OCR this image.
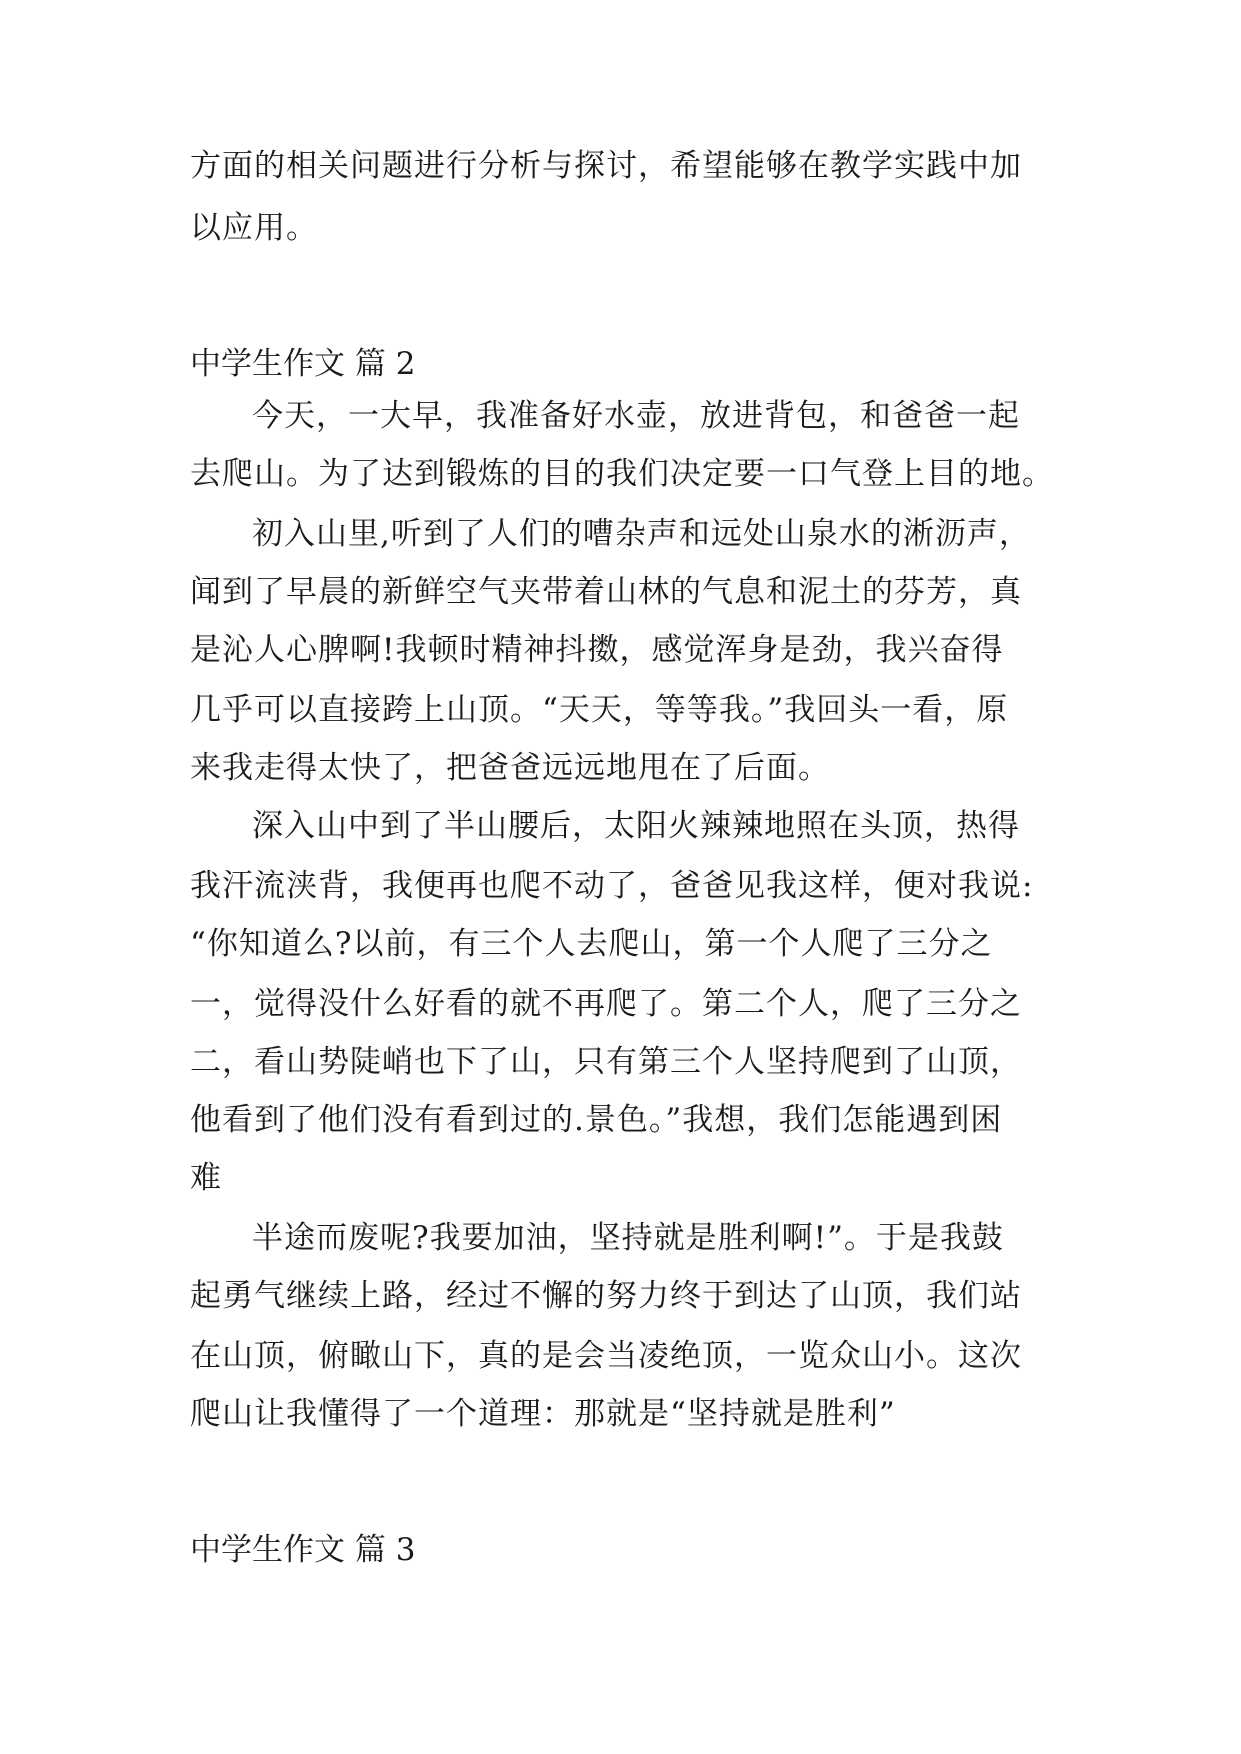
方面的相关问题进行分析与探讨，希望能够在教学实践中加
以应用。
中学生作文 篇 2
今天，一大早，我准备好水壶，放进背包，和爸爸一起
去爬山。为了达到锻炼的目的我们决定要一口气登上目的地。
初入山里,听到了人们的嘈杂声和远处山泉水的淅沥声，
闻到了早晨的新鲜空气夹带着山林的气息和泥土的芬芳，真
是沁人心脾啊!我顿时精神抖擞，感觉浑身是劲，我兴奋得
几乎可以直接跨上山顶。“天天，等等我。”我回头一看，原
来我走得太快了，把爸爸远远地甩在了后面。
深入山中到了半山腰后，太阳火辣辣地照在头顶，热得
我汗流浃背，我便再也爬不动了，爸爸见我这样，便对我说:
“你知道么?以前，有三个人去爬山，第一个人爬了三分之
一，觉得没什么好看的就不再爬了。第二个人，爬了三分之
二，看山势陡峭也下了山，只有第三个人坚持爬到了山顶，
他看到了他们没有看到过的.景色。”我想，我们怎能遇到困
难
半途而废呢?我要加油，坚持就是胜利啊!”。于是我鼓
起勇气继续上路，经过不懈的努力终于到达了山顶，我们站
在山顶，俯瞰山下，真的是会当凌绝顶，一览众山小。这次
爬山让我懂得了一个道理：那就是“坚持就是胜利”
中学生作文 篇 3
